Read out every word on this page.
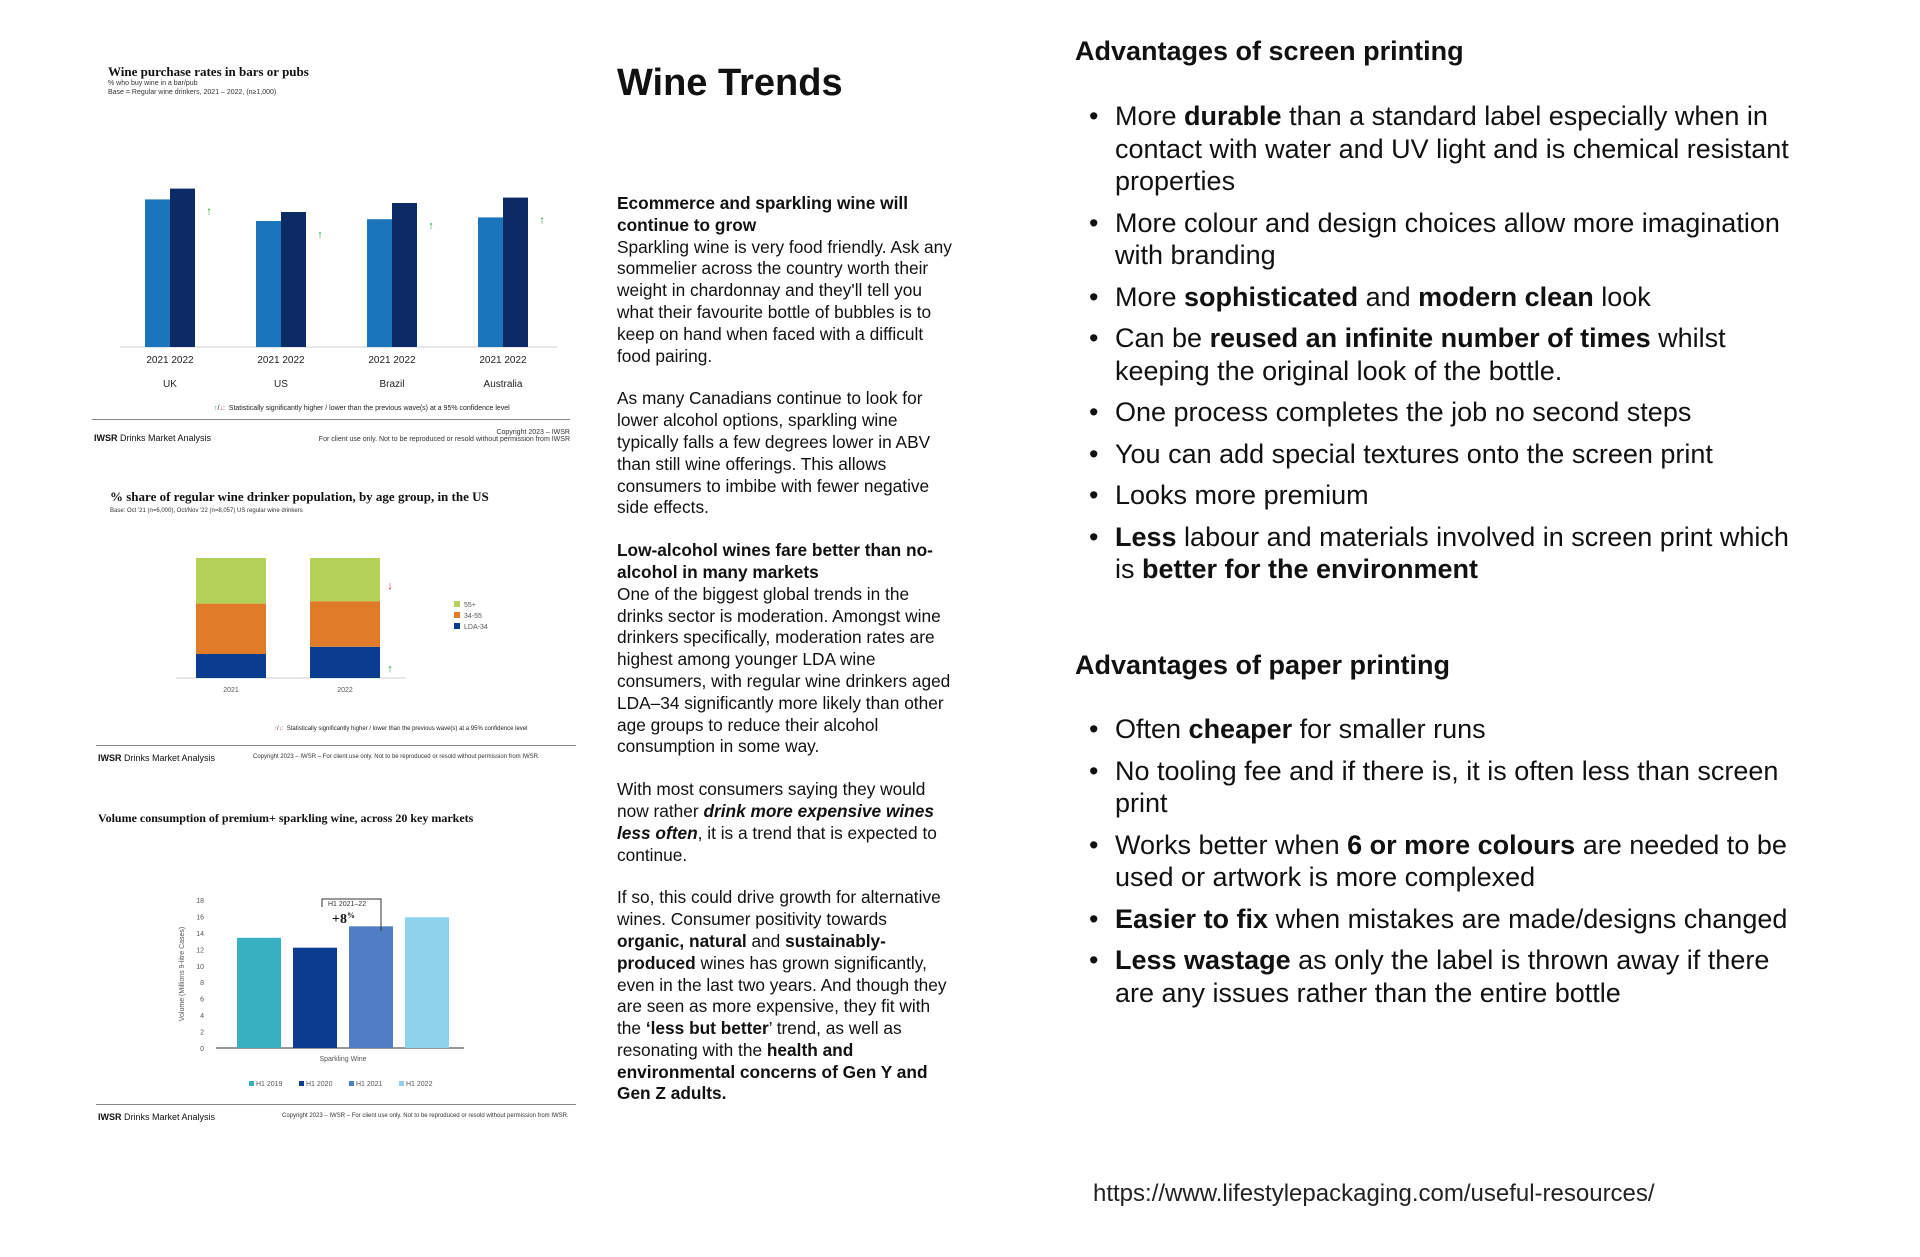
Wine purchase rates in bars or pubs
% who buy wine in a bar/pub
Base = Regular wine drinkers, 2021 – 2022, (n≥1,000)
2021 2022
↑
UK
2021 2022
↑
US
2021 2022
↑
Brazil
2021 2022
↑
Australia
↑/↓:  Statistically significantly higher / lower than the previous wave(s) at a 95% confidence level
IWSR Drinks Market Analysis
Copyright 2023 – IWSR
For client use only. Not to be reproduced or resold without permission from IWSR
% share of regular wine drinker population, by age group, in the US
Base: Oct '21 (n=6,000), Oct/Nov '22 (n=8,057) US regular wine drinkers
2021	2022
↓
↑
55+
34-55
LDA-34
↑/↓:  Statistically significantly higher / lower than the previous wave(s) at a 95% confidence level
IWSR Drinks Market Analysis	Copyright 2023 – IWSR – For client use only. Not to be reproduced or resold without permission from IWSR.
Volume consumption of premium+ sparkling wine, across 20 key markets
0
2
4
6
8
10
12
14
16
18
Volume (Millions 9-litre Cases)
Sparkling Wine
H1 2021–22
+8%
H1 2019	H1 2020	H1 2021	H1 2022
IWSR Drinks Market Analysis	Copyright 2023 – IWSR – For client use only. Not to be reproduced or resold without permission from IWSR.
Wine Trends

Ecommerce and sparkling wine will continue to grow
Sparkling wine is very food friendly. Ask any sommelier across the country worth their weight in chardonnay and they'll tell you what their favourite bottle of bubbles is to keep on hand when faced with a difficult food pairing.

As many Canadians continue to look for lower alcohol options, sparkling wine typically falls a few degrees lower in ABV than still wine offerings. This allows consumers to imbibe with fewer negative side effects.

Low-alcohol wines fare better than no-alcohol in many markets
One of the biggest global trends in the drinks sector is moderation. Amongst wine drinkers specifically, moderation rates are highest among younger LDA wine consumers, with regular wine drinkers aged LDA–34 significantly more likely than other age groups to reduce their alcohol consumption in some way.

With most consumers saying they would now rather drink more expensive wines less often, it is a trend that is expected to continue.

If so, this could drive growth for alternative wines. Consumer positivity towards organic, natural and sustainably-produced wines has grown significantly, even in the last two years. And though they are seen as more expensive, they fit with the ‘less but better’ trend, as well as resonating with the health and environmental concerns of Gen Y and Gen Z adults.

Advantages of screen printing
• More durable than a standard label especially when in contact with water and UV light and is chemical resistant properties
• More colour and design choices allow more imagination with branding
• More sophisticated and modern clean look
• Can be reused an infinite number of times whilst keeping the original look of the bottle.
• One process completes the job no second steps
• You can add special textures onto the screen print
• Looks more premium
• Less labour and materials involved in screen print which is better for the environment
Advantages of paper printing
• Often cheaper for smaller runs
• No tooling fee and if there is, it is often less than screen print
• Works better when 6 or more colours are needed to be used or artwork is more complexed
• Easier to fix when mistakes are made/designs changed
• Less wastage as only the label is thrown away if there are any issues rather than the entire bottle
https://www.lifestylepackaging.com/useful-resources/
